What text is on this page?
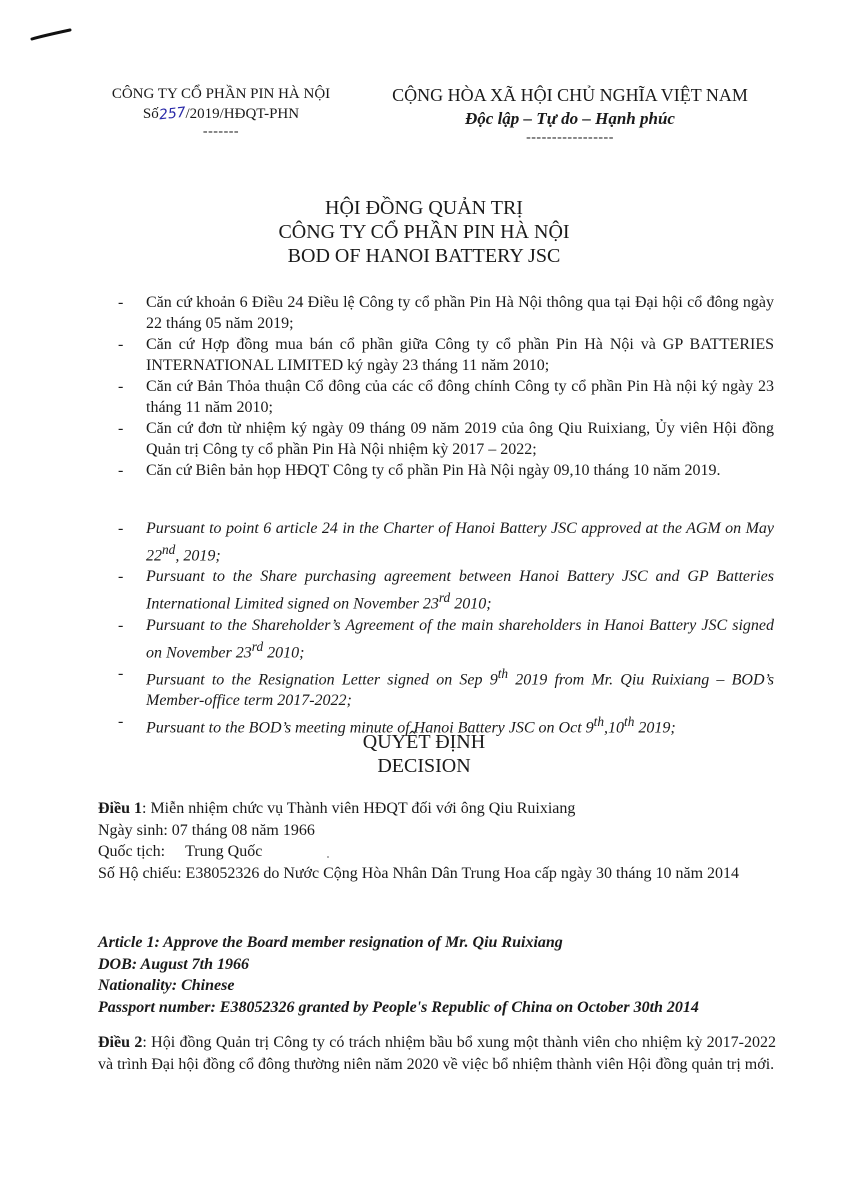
CÔNG TY CỔ PHẦN PIN HÀ NỘI
Số257/2019/HĐQT-PHN
-------
CỘNG HÒA XÃ HỘI CHỦ NGHĨA VIỆT NAM
Độc lập – Tự do – Hạnh phúc
-----------------
HỘI ĐỒNG QUẢN TRỊ
CÔNG TY CỔ PHẦN PIN HÀ NỘI
BOD OF HANOI BATTERY JSC
- Căn cứ khoản 6 Điều 24 Điều lệ Công ty cổ phần Pin Hà Nội thông qua tại Đại hội cổ đông ngày 22 tháng 05 năm 2019;
- Căn cứ Hợp đồng mua bán cổ phần giữa Công ty cổ phần Pin Hà Nội và GP BATTERIES INTERNATIONAL LIMITED ký ngày 23 tháng 11 năm 2010;
- Căn cứ Bản Thỏa thuận Cổ đông của các cổ đông chính Công ty cổ phần Pin Hà nội ký ngày 23 tháng 11 năm 2010;
- Căn cứ đơn từ nhiệm ký ngày 09 tháng 09 năm 2019 của ông Qiu Ruixiang, Ủy viên Hội đồng Quản trị Công ty cổ phần Pin Hà Nội nhiệm kỳ 2017 – 2022;
- Căn cứ Biên bản họp HĐQT Công ty cổ phần Pin Hà Nội ngày 09,10 tháng 10 năm 2019.
- Pursuant to point 6 article 24 in the Charter of Hanoi Battery JSC approved at the AGM on May 22nd, 2019;
- Pursuant to the Share purchasing agreement between Hanoi Battery JSC and GP Batteries International Limited signed on November 23rd 2010;
- Pursuant to the Shareholder’s Agreement of the main shareholders in Hanoi Battery JSC signed on November 23rd 2010;
- Pursuant to the Resignation Letter signed on Sep 9th 2019 from Mr. Qiu Ruixiang – BOD’s Member-office term 2017-2022;
- Pursuant to the BOD’s meeting minute of Hanoi Battery JSC on Oct 9th,10th 2019;
QUYẾT ĐỊNH
DECISION

Điều 1: Miễn nhiệm chức vụ Thành viên HĐQT đối với ông Qiu Ruixiang

Ngày sinh: 07 tháng 08 năm 1966

Quốc tịch: Trung Quốc

Số Hộ chiếu: E38052326 do Nước Cộng Hòa Nhân Dân Trung Hoa cấp ngày 30 tháng 10 năm 2014

Article 1: Approve the Board member resignation of Mr. Qiu Ruixiang

DOB: August 7th 1966

Nationality: Chinese

Passport number: E38052326 granted by People's Republic of China on October 30th 2014

Điều 2: Hội đồng Quản trị Công ty có trách nhiệm bầu bổ xung một thành viên cho nhiệm kỳ 2017-2022 và trình Đại hội đồng cổ đông thường niên năm 2020 về việc bổ nhiệm thành viên Hội đồng quản trị mới.
